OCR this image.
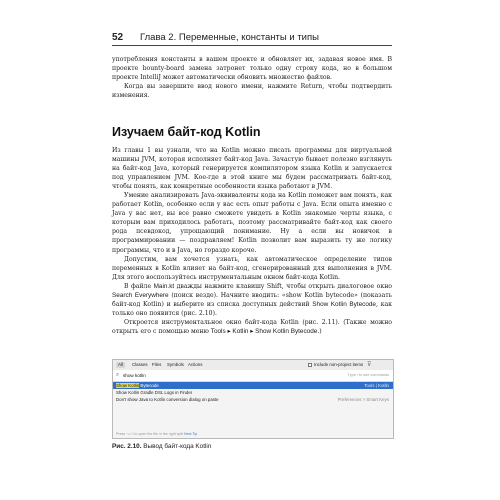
52 Глава 2. Переменные, константы и типы

употребления константы в вашем проекте и обновляет их, задавая новое имя. В проекте bounty-board замена затронет только одну строку кода, но в большом проекте IntelliJ может автоматически обновить множество файлов.

Когда вы завершите ввод нового имени, нажмите Return, чтобы подтвердить изменения.

Изучаем байт-код Kotlin

Из главы 1 вы узнали, что на Kotlin можно писать программы для виртуальной машины JVM, которая исполняет байт-код Java. Зачастую бывает полезно взглянуть на байт-код Java, который генерируется компилятором языка Kotlin и запускается под управлением JVM. Кое-где в этой книге мы будем рассматривать байт-код, чтобы понять, как конкретные особенности языка работают в JVM.

Умение анализировать Java-эквиваленты кода на Kotlin поможет вам понять, как работает Kotlin, особенно если у вас есть опыт работы с Java. Если опыта именно с Java у вас нет, вы все равно сможете увидеть в Kotlin знакомые черты языка, с которым вам приходилось работать, поэтому рассматривайте байт-код как своего рода псевдокод, упрощающий понимание. Ну а если вы новичок в программировании — поздравляем! Kotlin позволит вам выразить ту же логику программы, что и в Java, но гораздо короче.

Допустим, вам хочется узнать, как автоматическое определение типов переменных в Kotlin влияет на байт-код, сгенерированный для выполнения в JVM. Для этого воспользуйтесь инструментальным окном байт-кода Kotlin.

В файле Main.kt дважды нажмите клавишу Shift, чтобы открыть диалоговое окно Search Everywhere (поиск везде). Начните вводить: «show Kotlin bytecode» (показать байт-код Kotlin) и выберите из списка доступных действий Show Kotlin Bytecode, как только оно появится (рис. 2.10).

Откроется инструментальное окно байт-кода Kotlin (рис. 2.11). (Также можно открыть его с помощью меню Tools ▸ Kotlin ▸ Show Kotlin Bytecode.)

All	Classes Files	Symbols Actions	Include non-project items ⊽
⌕
show kotlin	Type / to see commands
Show Kotlin Bytecode	Tools | Kotlin
Show Kotlin Gradle DSL Logs in Finder
Don't show Java to Kotlin conversion dialog on paste	Preferences > Smart Keys
Press ⌥⏎ to open the file in the right split Next Tip
Рис. 2.10. Вывод байт-кода Kotlin
